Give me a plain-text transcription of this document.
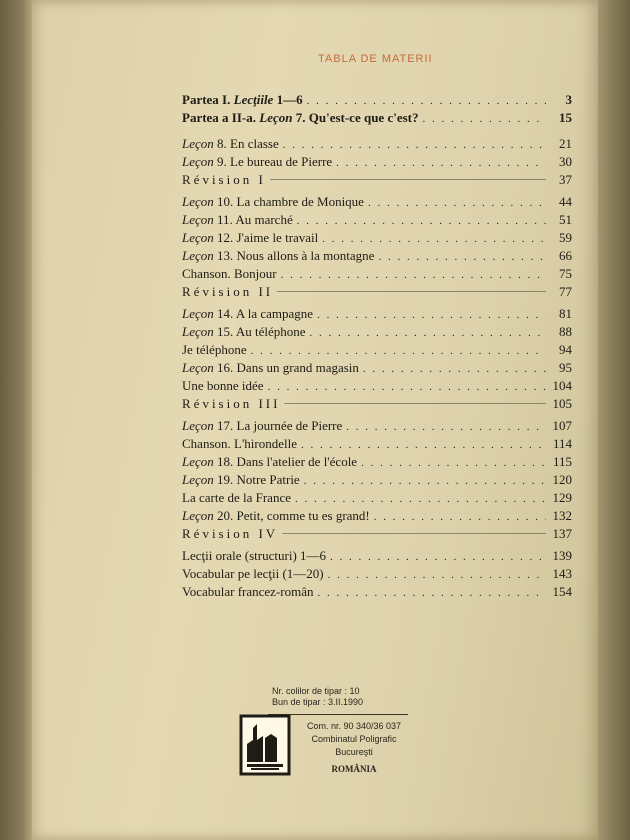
TABLA DE MATERII
Partea I. Lecţiile 1—6 . . .	3
Partea a II-a. Leçon 7. Qu'est-ce que c'est? . . .	15
Leçon 8. En classe . . .	21
Leçon 9. Le bureau de Pierre . . .	30
Révision I _____	37
Leçon 10. La chambre de Monique . . .	44
Leçon 11. Au marché . . .	51
Leçon 12. J'aime le travail . . .	59
Leçon 13. Nous allons à la montagne . . .	66
Chanson. Bonjour . . .	75
Révision II _____	77
Leçon 14. A la campagne . . .	81
Leçon 15. Au téléphone . . .	88
Je téléphone . . .	94
Leçon 16. Dans un grand magasin . . .	95
Une bonne idée . . .	104
Révision III _____	105
Leçon 17. La journée de Pierre . . .	107
Chanson. L'hirondelle . . .	114
Leçon 18. Dans l'atelier de l'école . . .	115
Leçon 19. Notre Patrie . . .	120
La carte de la France . . .	129
Leçon 20. Petit, comme tu es grand! . . .	132
Révision IV _____	137
Lecţii orale (structuri) 1—6 . . .	139
Vocabular pe lecţii (1—20) . . .	143
Vocabular francez-român . . .	154
Nr. colilor de tipar : 10
Bun de tipar : 3.II.1990
Com. nr. 90 340/36 037
Combinatul Poligrafic
Bucureşti
ROMÂNIA
